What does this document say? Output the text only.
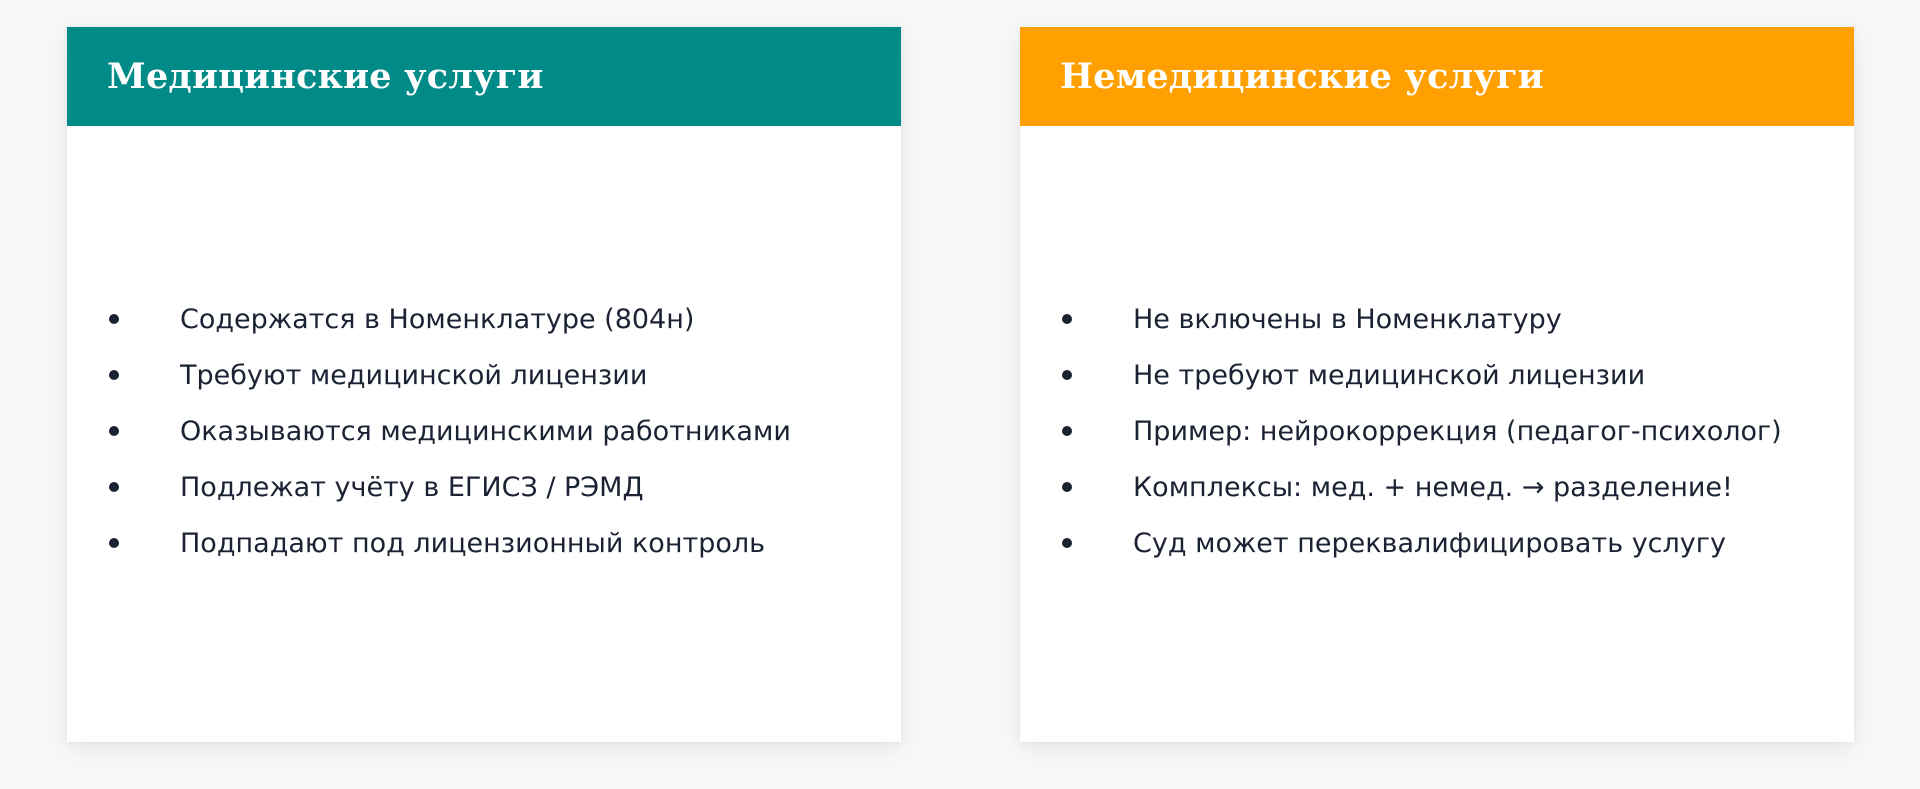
Медицинские услуги
Содержатся в Номенклатуре (804н)
Требуют медицинской лицензии
Оказываются медицинскими работниками
Подлежат учёту в ЕГИСЗ / РЭМД
Подпадают под лицензионный контроль
Немедицинские услуги
Не включены в Номенклатуру
Не требуют медицинской лицензии
Пример: нейрокоррекция (педагог-психолог)
Комплексы: мед. + немед. → разделение!
Суд может переквалифицировать услугу
